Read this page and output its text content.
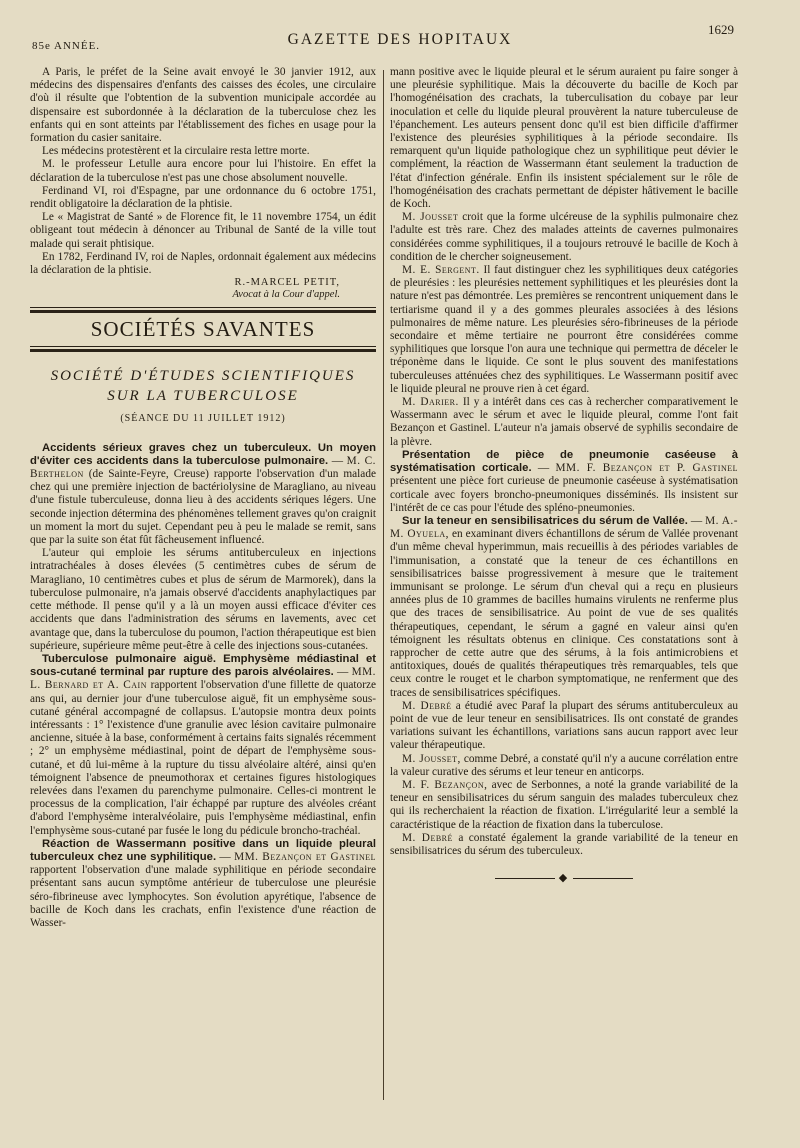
85e ANNÉE.	GAZETTE DES HOPITAUX
1629

A Paris, le préfet de la Seine avait envoyé le 30 janvier 1912, aux médecins des dispensaires d'enfants des caisses des écoles, une circulaire d'où il résulte que l'obtention de la subvention municipale accordée au dispensaire est subordonnée à la déclaration de la tuberculose chez les enfants qui en sont atteints par l'établissement des fiches en usage pour la formation du casier sanitaire.

Les médecins protestèrent et la circulaire resta lettre morte.

M. le professeur Letulle aura encore pour lui l'histoire. En effet la déclaration de la tuberculose n'est pas une chose absolument nouvelle.

Ferdinand VI, roi d'Espagne, par une ordonnance du 6 octobre 1751, rendit obligatoire la déclaration de la phtisie.

Le « Magistrat de Santé » de Florence fit, le 11 novembre 1754, un édit obligeant tout médecin à dénoncer au Tribunal de Santé de la ville tout malade qui serait phtisique.

En 1782, Ferdinand IV, roi de Naples, ordonnait également aux médecins la déclaration de la phtisie.

R.-MARCEL PETIT,
Avocat à la Cour d'appel.
SOCIÉTÉS SAVANTES
SOCIÉTÉ D'ÉTUDES SCIENTIFIQUES
SUR LA TUBERCULOSE
(SÉANCE DU 11 JUILLET 1912)

Accidents sérieux graves chez un tuberculeux. Un moyen d'éviter ces accidents dans la tuberculose pulmonaire. — M. C. Berthelon (de Sainte-Feyre, Creuse) rapporte l'observation d'un malade chez qui une première injection de bactériolysine de Maragliano, au niveau d'une fistule tuberculeuse, donna lieu à des accidents sériques légers. Une seconde injection détermina des phénomènes tellement graves qu'on craignit un moment la mort du sujet. Cependant peu à peu le malade se remit, sans que par la suite son état fût fâcheusement influencé.

L'auteur qui emploie les sérums antituberculeux en injections intratrachéales à doses élevées (5 centimètres cubes de sérum de Maragliano, 10 centimètres cubes et plus de sérum de Marmorek), dans la tuberculose pulmonaire, n'a jamais observé d'accidents anaphylactiques par cette méthode. Il pense qu'il y a là un moyen aussi efficace d'éviter ces accidents que dans l'administration des sérums en lavements, avec cet avantage que, dans la tuberculose du poumon, l'action thérapeutique est bien supérieure, supérieure même peut-être à celle des injections sous-cutanées.

Tuberculose pulmonaire aiguë. Emphysème médiastinal et sous-cutané terminal par rupture des parois alvéolaires. — MM. L. Bernard et A. Cain rapportent l'observation d'une fillette de quatorze ans qui, au dernier jour d'une tuberculose aiguë, fit un emphysème sous-cutané général accompagné de collapsus. L'autopsie montra deux points intéressants : 1° l'existence d'une granulie avec lésion cavitaire pulmonaire ancienne, située à la base, conformément à certains faits signalés récemment ; 2° un emphysème médiastinal, point de départ de l'emphysème sous-cutané, et dû lui-même à la rupture du tissu alvéolaire altéré, ainsi qu'en témoignent l'absence de pneumothorax et certaines figures histologiques relevées dans l'examen du parenchyme pulmonaire. Celles-ci montrent le processus de la complication, l'air échappé par rupture des alvéoles créant d'abord l'emphysème interalvéolaire, puis l'emphysème médiastinal, enfin l'emphysème sous-cutané par fusée le long du pédicule broncho-trachéal.

Réaction de Wassermann positive dans un liquide pleural tuberculeux chez une syphilitique. — MM. Bezançon et Gastinel rapportent l'observation d'une malade syphilitique en période secondaire présentant sans aucun symptôme antérieur de tuberculose une pleurésie séro-fibrineuse avec lymphocytes. Son évolution apyrétique, l'absence de bacille de Koch dans les crachats, enfin l'existence d'une réaction de Wasser-

mann positive avec le liquide pleural et le sérum auraient pu faire songer à une pleurésie syphilitique. Mais la découverte du bacille de Koch par l'homogénéisation des crachats, la tuberculisation du cobaye par leur inoculation et celle du liquide pleural prouvèrent la nature tuberculeuse de l'épanchement. Les auteurs pensent donc qu'il est bien difficile d'affirmer l'existence des pleurésies syphilitiques à la période secondaire. Ils remarquent qu'un liquide pathologique chez un syphilitique peut dévier le complément, la réaction de Wassermann étant seulement la traduction de l'état d'infection générale. Enfin ils insistent spécialement sur le rôle de l'homogénéisation des crachats permettant de dépister hâtivement le bacille de Koch.

M. Jousset croit que la forme ulcéreuse de la syphilis pulmonaire chez l'adulte est très rare. Chez des malades atteints de cavernes pulmonaires considérées comme syphilitiques, il a toujours retrouvé le bacille de Koch à condition de le chercher soigneusement.

M. E. Sergent. Il faut distinguer chez les syphilitiques deux catégories de pleurésies : les pleurésies nettement syphilitiques et les pleurésies dont la nature n'est pas démontrée. Les premières se rencontrent uniquement dans le tertiarisme quand il y a des gommes pleurales associées à des lésions pulmonaires de même nature. Les pleurésies séro-fibrineuses de la période secondaire et même tertiaire ne pourront être considérées comme syphilitiques que lorsque l'on aura une technique qui permettra de déceler le tréponème dans le liquide. Ce sont le plus souvent des manifestations tuberculeuses atténuées chez des syphilitiques. Le Wassermann positif avec le liquide pleural ne prouve rien à cet égard.

M. Darier. Il y a intérêt dans ces cas à rechercher comparativement le Wassermann avec le sérum et avec le liquide pleural, comme l'ont fait Bezançon et Gastinel. L'auteur n'a jamais observé de syphilis secondaire de la plèvre.

Présentation de pièce de pneumonie caséeuse à systématisation corticale. — MM. F. Bezançon et P. Gastinel présentent une pièce fort curieuse de pneumonie caséeuse à systématisation corticale avec foyers broncho-pneumoniques disséminés. Ils insistent sur l'intérêt de ce cas pour l'étude des spléno-pneumonies.

Sur la teneur en sensibilisatrices du sérum de Vallée. — M. A.-M. Oyuela, en examinant divers échantillons de sérum de Vallée provenant d'un même cheval hyperimmun, mais recueillis à des périodes variables de l'immunisation, a constaté que la teneur de ces échantillons en sensibilisatrices baisse progressivement à mesure que le traitement immunisant se prolonge. Le sérum d'un cheval qui a reçu en plusieurs années plus de 10 grammes de bacilles humains virulents ne renferme plus que des traces de sensibilisatrice. Au point de vue de ses qualités thérapeutiques, cependant, le sérum a gagné en valeur ainsi qu'en témoignent les résultats obtenus en clinique. Ces constatations sont à rapprocher de cette autre que des sérums, à la fois antimicrobiens et antitoxiques, doués de qualités thérapeutiques très remarquables, tels que ceux contre le rouget et le charbon symptomatique, ne renferment que des traces de sensibilisatrices spécifiques.

M. Debré a étudié avec Paraf la plupart des sérums antituberculeux au point de vue de leur teneur en sensibilisatrices. Ils ont constaté de grandes variations suivant les échantillons, variations sans aucun rapport avec leur valeur thérapeutique.

M. Jousset, comme Debré, a constaté qu'il n'y a aucune corrélation entre la valeur curative des sérums et leur teneur en anticorps.

M. F. Bezançon, avec de Serbonnes, a noté la grande variabilité de la teneur en sensibilisatrices du sérum sanguin des malades tuberculeux chez qui ils recherchaient la réaction de fixation. L'irrégularité leur a semblé la caractéristique de la réaction de fixation dans la tuberculose.

M. Debré a constaté également la grande variabilité de la teneur en sensibilisatrices du sérum des tuberculeux.

◆
